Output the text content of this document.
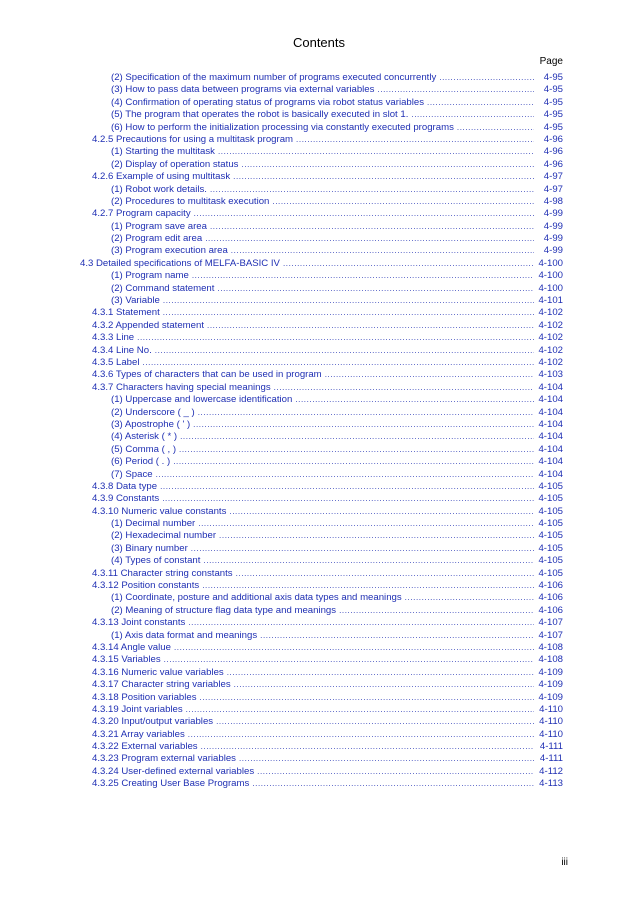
Contents
Page
(2) Specification of the maximum number of programs executed concurrently .....	4-95
(3) How to pass data between programs via external variables .....	4-95
(4) Confirmation of operating status of programs via robot status variables .....	4-95
(5) The program that operates the robot is basically executed in slot 1. .....	4-95
(6) How to perform the initialization processing via constantly executed programs .....	4-95
4.2.5 Precautions for using a multitask program .....	4-96
(1) Starting the multitask .....	4-96
(2) Display of operation status .....	4-96
4.2.6 Example of using multitask .....	4-97
(1) Robot work details. .....	4-97
(2) Procedures to multitask execution .....	4-98
4.2.7 Program capacity .....	4-99
(1) Program save area .....	4-99
(2) Program edit area .....	4-99
(3) Program execution area .....	4-99
4.3 Detailed specifications of MELFA-BASIC IV .....	4-100
(1) Program name .....	4-100
(2) Command statement .....	4-100
(3) Variable .....	4-101
4.3.1 Statement .....	4-102
4.3.2 Appended statement .....	4-102
4.3.3 Line .....	4-102
4.3.4 Line No. .....	4-102
4.3.5 Label .....	4-102
4.3.6 Types of characters that can be used in program .....	4-103
4.3.7 Characters having special meanings .....	4-104
(1) Uppercase and lowercase identification .....	4-104
(2) Underscore ( _ ) .....	4-104
(3) Apostrophe ( ' ) .....	4-104
(4) Asterisk ( * ) .....	4-104
(5) Comma ( , ) .....	4-104
(6) Period ( . ) .....	4-104
(7) Space .....	4-104
4.3.8 Data type .....	4-105
4.3.9 Constants .....	4-105
4.3.10 Numeric value constants .....	4-105
(1) Decimal number .....	4-105
(2) Hexadecimal number .....	4-105
(3) Binary number .....	4-105
(4) Types of constant .....	4-105
4.3.11 Character string constants .....	4-105
4.3.12 Position constants .....	4-106
(1) Coordinate, posture and additional axis data types and meanings .....	4-106
(2) Meaning of structure flag data type and meanings .....	4-106
4.3.13 Joint constants .....	4-107
(1) Axis data format and meanings .....	4-107
4.3.14 Angle value .....	4-108
4.3.15 Variables .....	4-108
4.3.16 Numeric value variables .....	4-109
4.3.17 Character string variables .....	4-109
4.3.18 Position variables .....	4-109
4.3.19 Joint variables .....	4-110
4.3.20 Input/output variables .....	4-110
4.3.21 Array variables .....	4-110
4.3.22 External variables .....	4-111
4.3.23 Program external variables .....	4-111
4.3.24 User-defined external variables .....	4-112
4.3.25 Creating User Base Programs .....	4-113
iii
